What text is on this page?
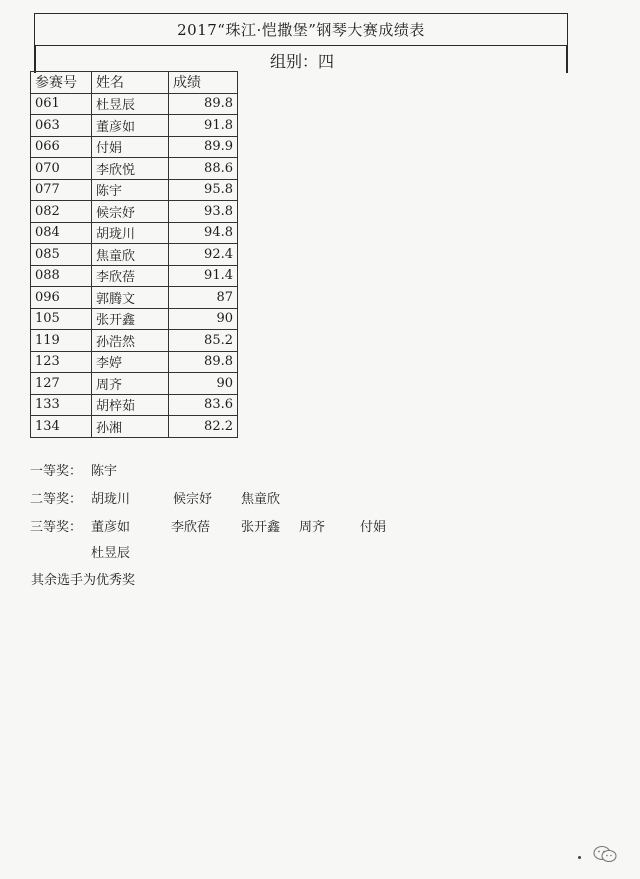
2017“珠江·恺撒堡”钢琴大赛成绩表
组别：四
参赛号	姓名	成绩
061	杜昱辰	89.8
063	董彦如	91.8
066	付娟	89.9
070	李欣悦	88.6
077	陈宇	95.8
082	候宗妤	93.8
084	胡珑川	94.8
085	焦童欣	92.4
088	李欣蓓	91.4
096	郭腾文	87
105	张开鑫	90
119	孙浩然	85.2
123	李婷	89.8
127	周齐	90
133	胡梓茹	83.6
134	孙湘	82.2
一等奖： 陈宇
二等奖： 胡珑川	候宗妤 焦童欣
三等奖： 董彦如	李欣蓓 张开鑫 周齐	付娟
杜昱辰
其余选手为优秀奖
